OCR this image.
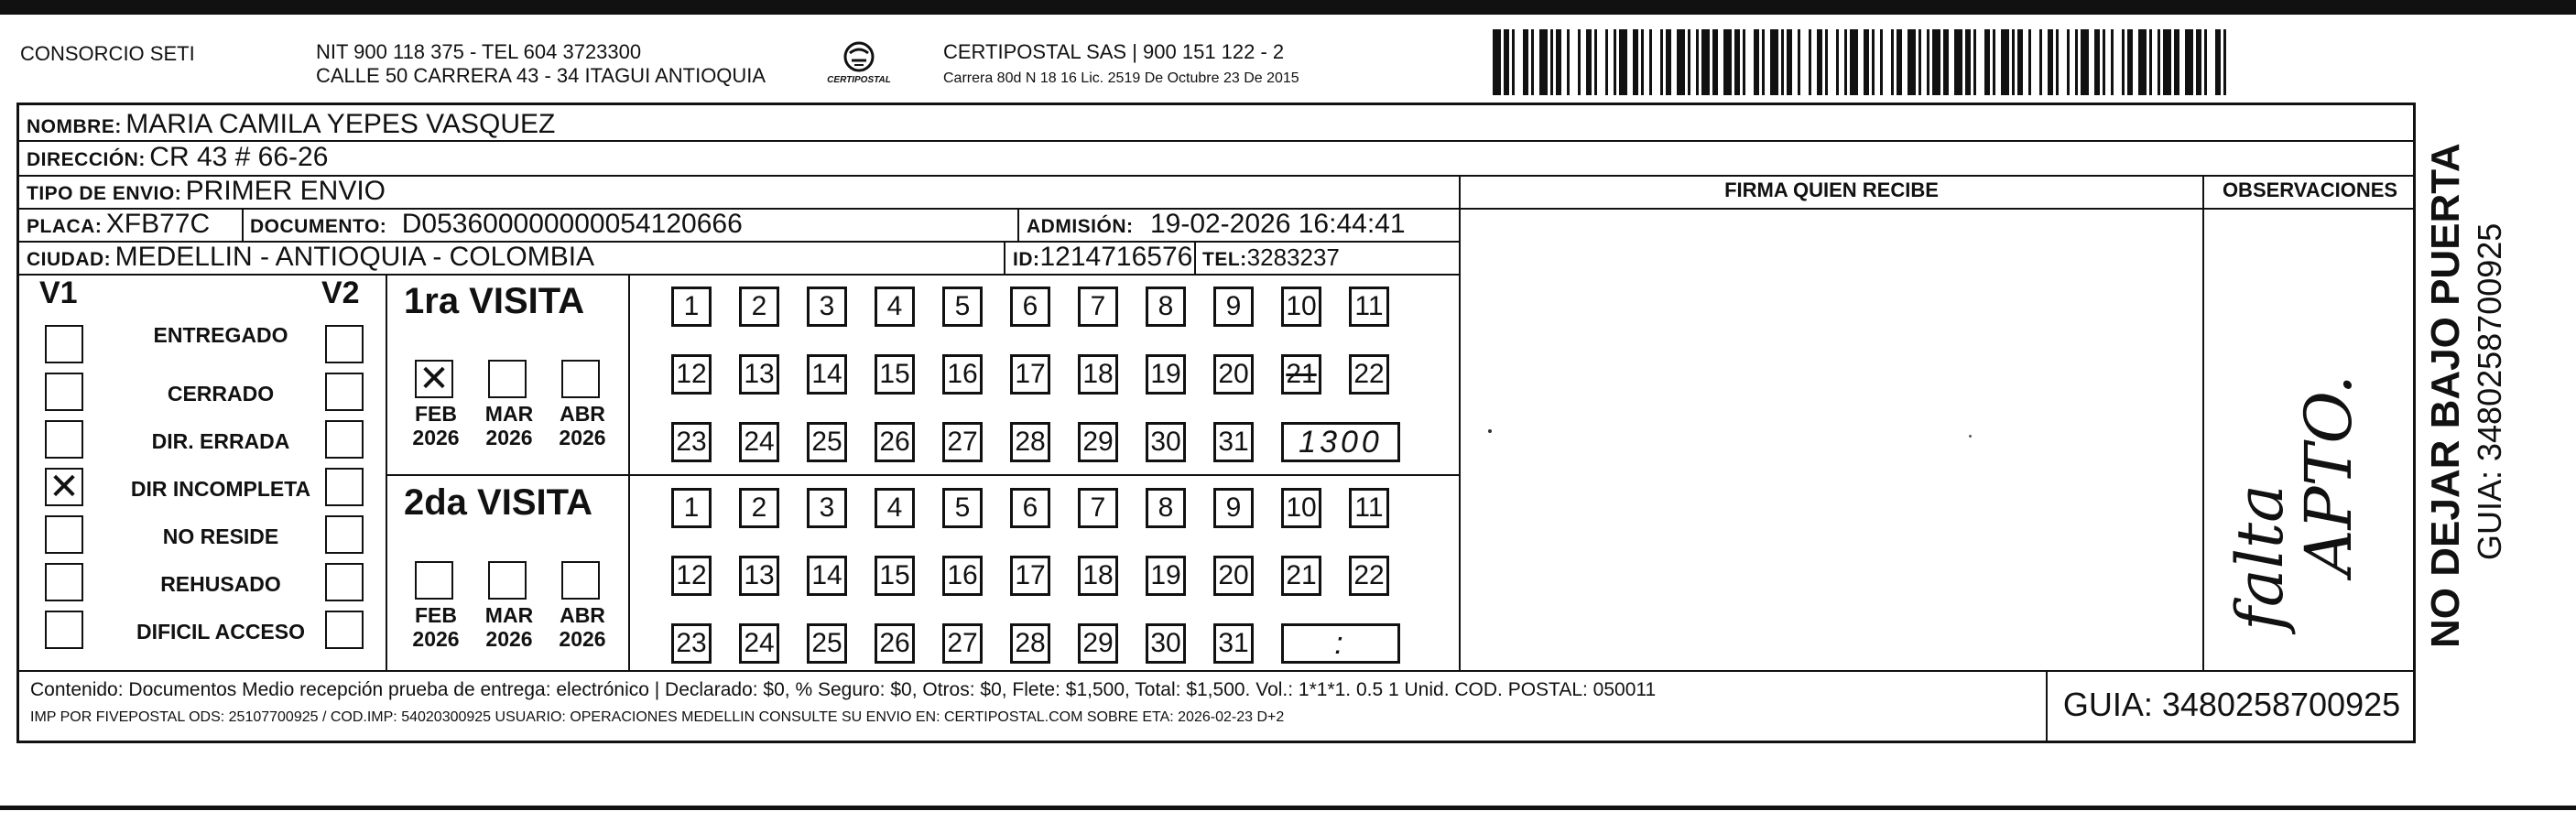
CONSORCIO SETI	NIT 900 118 375 - TEL 604 3723300
CALLE 50 CARRERA 43 - 34 ITAGUI ANTIOQUIA	CERTIPOSTAL
CERTIPOSTAL SAS | 900 151 122 - 2
Carrera 80d N 18 16 Lic. 2519 De Octubre 23 De 2015
NOMBRE: MARIA CAMILA YEPES VASQUEZ
DIRECCIÓN: CR 43 # 66-26
TIPO DE ENVIO: PRIMER ENVIO
PLACA: XFB77C DOCUMENTO: D053600000000054120666	ADMISIÓN: 19-02-2026 16:44:41
CIUDAD: MEDELLIN - ANTIOQUIA - COLOMBIA	ID:1214716576 TEL:3283237
FIRMA QUIEN RECIBE	OBSERVACIONES
falta
APTO.
V1	V2
ENTREGADO
CERRADO
DIR. ERRADA
✕	DIR INCOMPLETA
NO RESIDE
REHUSADO
DIFICIL ACCESO
1ra VISITA
✕
FEB
2026
MAR
2026
ABR
2026
1	2	3	4	5	6	7	8	9	10 11
12 13 14 15 16 17 18 19 20 21 22
23 24 25 26 27 28 29 30 31	1300
2da VISITA
FEB
2026
MAR
2026
ABR
2026
1	2	3	4	5	6	7	8	9	10 11
12 13 14 15 16 17 18 19 20 21 22
23 24 25 26 27 28 29 30 31	:
Contenido: Documentos Medio recepción prueba de entrega: electrónico | Declarado: $0, % Seguro: $0, Otros: $0, Flete: $1,500, Total: $1,500. Vol.: 1*1*1. 0.5 1 Unid. COD. POSTAL: 050011
IMP POR FIVEPOSTAL ODS: 25107700925 / COD.IMP: 54020300925 USUARIO: OPERACIONES MEDELLIN CONSULTE SU ENVIO EN: CERTIPOSTAL.COM SOBRE ETA: 2026-02-23 D+2	GUIA: 3480258700925
NO DEJAR BAJO PUERTA GUIA: 3480258700925
